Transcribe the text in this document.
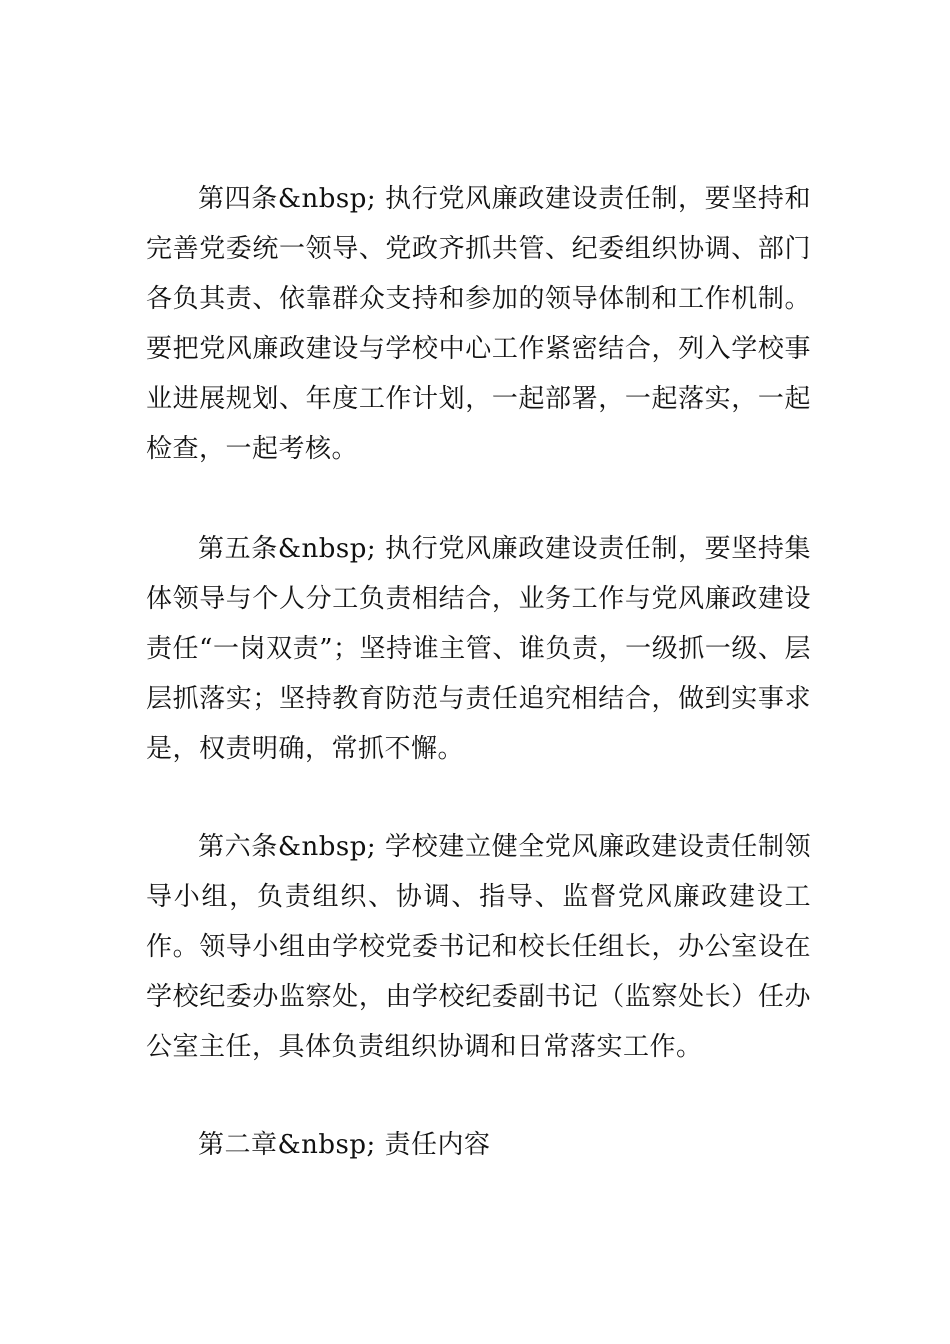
第四条&nbsp; 执行党风廉政建设责任制，要坚持和完善党委统一领导、党政齐抓共管、纪委组织协调、部门各负其责、依靠群众支持和参加的领导体制和工作机制。要把党风廉政建设与学校中心工作紧密结合，列入学校事业进展规划、年度工作计划，一起部署，一起落实，一起检查，一起考核。

第五条&nbsp; 执行党风廉政建设责任制，要坚持集体领导与个人分工负责相结合，业务工作与党风廉政建设责任“一岗双责”；坚持谁主管、谁负责，一级抓一级、层层抓落实；坚持教育防范与责任追究相结合，做到实事求是，权责明确，常抓不懈。

第六条&nbsp; 学校建立健全党风廉政建设责任制领导小组，负责组织、协调、指导、监督党风廉政建设工作。领导小组由学校党委书记和校长任组长，办公室设在学校纪委办监察处，由学校纪委副书记（监察处长）任办公室主任，具体负责组织协调和日常落实工作。

第二章&nbsp; 责任内容
